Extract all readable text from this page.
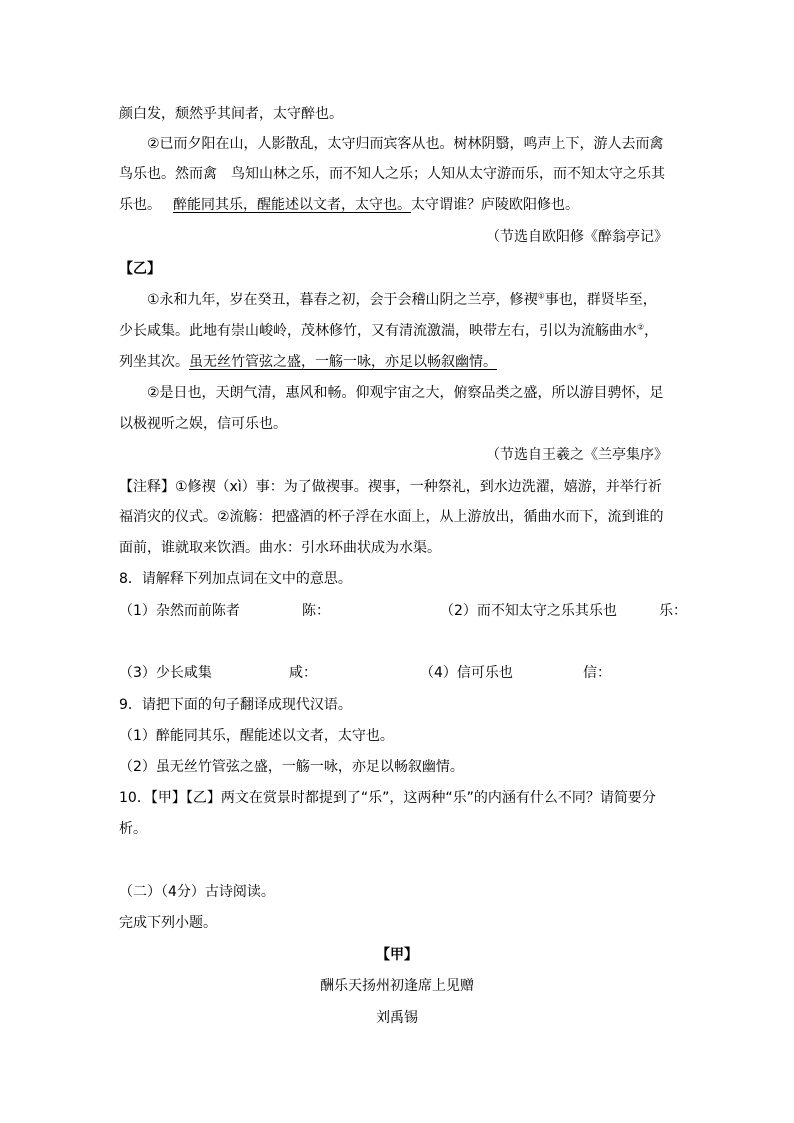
颜白发，颓然乎其间者，太守醉也。
②已而夕阳在山，人影散乱，太守归而宾客从也。树林阴翳，鸣声上下，游人去而禽
鸟乐也。然而禽　鸟知山林之乐，而不知人之乐；人知从太守游而乐，而不知太守之乐其
乐也。 醉能同其乐，醒能述以文者，太守也。太守谓谁？庐陵欧阳修也。
（节选自欧阳修《醉翁亭记》
【乙】
①永和九年，岁在癸丑，暮春之初，会于会稽山阴之兰亭，修禊①事也，群贤毕至，
少长咸集。此地有崇山峻岭，茂林修竹，又有清流激湍，映带左右，引以为流觞曲水②，
列坐其次。虽无丝竹管弦之盛，一觞一咏，亦足以畅叙幽情。
②是日也，天朗气清，惠风和畅。仰观宇宙之大，俯察品类之盛，所以游目骋怀，足
以极视听之娱，信可乐也。
（节选自王羲之《兰亭集序》
【注释】①修禊（xì）事：为了做禊事。禊事，一种祭礼，到水边洗濯，嬉游，并举行祈
福消灾的仪式。②流觞：把盛酒的杯子浮在水面上，从上游放出，循曲水而下，流到谁的
面前，谁就取来饮酒。曲水：引水环曲状成为水渠。
8．请解释下列加点词在文中的意思。
（1）杂然而前陈者	陈：	（2）而不知太守之乐其乐也	乐：
（3）少长咸集	咸：	（4）信可乐也	信：
9．请把下面的句子翻译成现代汉语。
（1）醉能同其乐，醒能述以文者，太守也。
（2）虽无丝竹管弦之盛，一觞一咏，亦足以畅叙幽情。
10．【甲】【乙】两文在赏景时都提到了“乐”，这两种“乐”的内涵有什么不同？请简要分
析。
（二）（4分）古诗阅读。
完成下列小题。
【甲】
酬乐天扬州初逢席上见赠
刘禹锡
